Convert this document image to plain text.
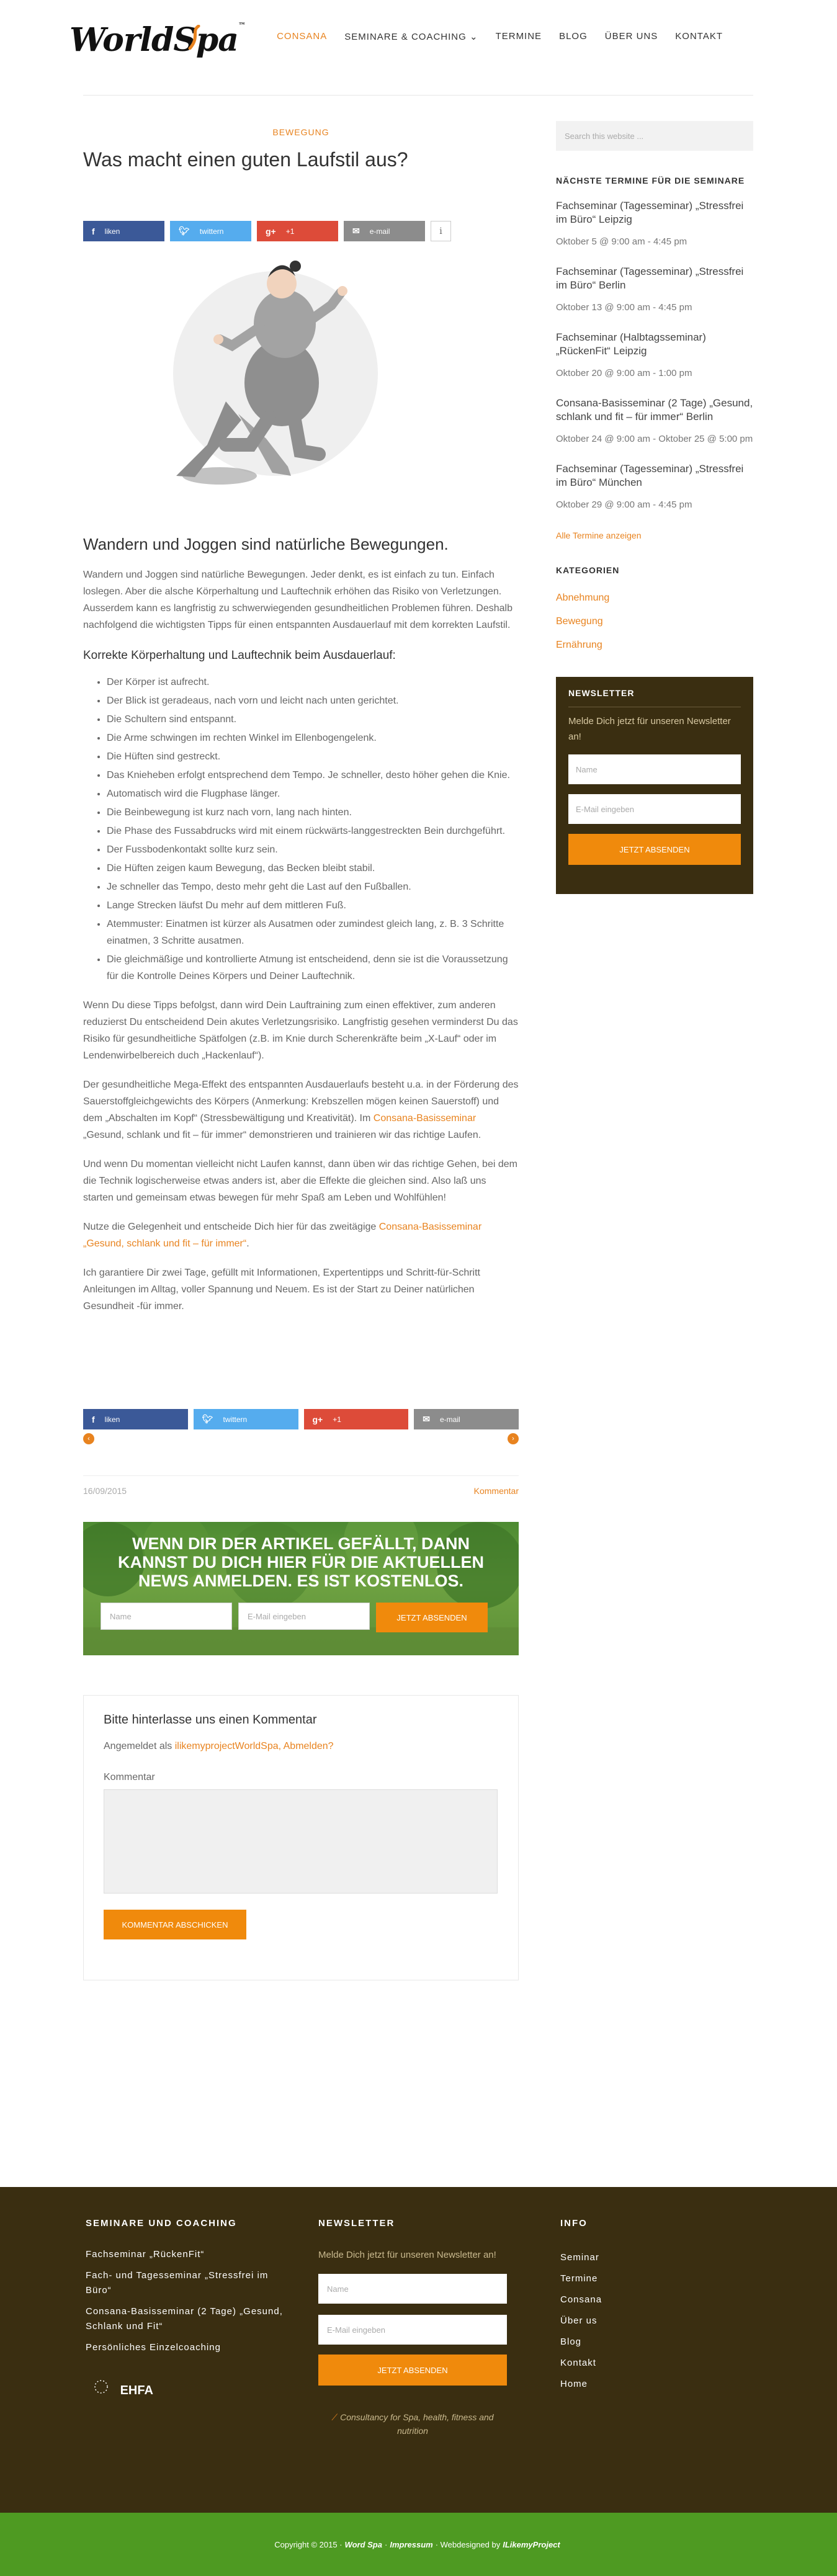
WorldSpa™
CONSANA	SEMINARE & COACHING ⌄	TERMINE	BLOG	ÜBER UNS	KONTAKT
BEWEGUNG
Was macht einen guten Laufstil aus?
f liken	🐦︎ twittern	g+ +1	✉ e-mail	i
Wandern und Joggen sind natürliche Bewegungen.

Wandern und Joggen sind natürliche Bewegungen. Jeder denkt, es ist einfach zu tun. Einfach loslegen. Aber die alsche Körperhaltung und Lauftechnik erhöhen das Risiko von Verletzungen. Ausserdem kann es langfristig zu schwerwiegenden gesundheitlichen Problemen führen. Deshalb nachfolgend die wichtigsten Tipps für einen entspannten Ausdauerlauf mit dem korrekten Laufstil.

Korrekte Körperhaltung und Lauftechnik beim Ausdauerlauf:
• Der Körper ist aufrecht.
• Der Blick ist geradeaus, nach vorn und leicht nach unten gerichtet.
• Die Schultern sind entspannt.
• Die Arme schwingen im rechten Winkel im Ellenbogengelenk.
• Die Hüften sind gestreckt.
• Das Knieheben erfolgt entsprechend dem Tempo. Je schneller, desto höher gehen die Knie.
• Automatisch wird die Flugphase länger.
• Die Beinbewegung ist kurz nach vorn, lang nach hinten.
• Die Phase des Fussabdrucks wird mit einem rückwärts-langgestreckten Bein durchgeführt.
• Der Fussbodenkontakt sollte kurz sein.
• Die Hüften zeigen kaum Bewegung, das Becken bleibt stabil.
• Je schneller das Tempo, desto mehr geht die Last auf den Fußballen.
• Lange Strecken läufst Du mehr auf dem mittleren Fuß.
• Atemmuster: Einatmen ist kürzer als Ausatmen oder zumindest gleich lang, z. B. 3 Schritte einatmen, 3 Schritte ausatmen.
• Die gleichmäßige und kontrollierte Atmung ist entscheidend, denn sie ist die Voraussetzung für die Kontrolle Deines Körpers und Deiner Lauftechnik.

Wenn Du diese Tipps befolgst, dann wird Dein Lauftraining zum einen effektiver, zum anderen reduzierst Du entscheidend Dein akutes Verletzungsrisiko. Langfristig gesehen verminderst Du das Risiko für gesundheitliche Spätfolgen (z.B. im Knie durch Scherenkräfte beim „X-Lauf“ oder im Lendenwirbelbereich duch „Hackenlauf“).

Der gesundheitliche Mega-Effekt des entspannten Ausdauerlaufs besteht u.a. in der Förderung des Sauerstoffgleichgewichts des Körpers (Anmerkung: Krebszellen mögen keinen Sauerstoff) und dem „Abschalten im Kopf“ (Stressbewältigung und Kreativität). Im Consana-Basisseminar „Gesund, schlank und fit – für immer“ demonstrieren und trainieren wir das richtige Laufen.

Und wenn Du momentan vielleicht nicht Laufen kannst, dann üben wir das richtige Gehen, bei dem die Technik logischerweise etwas anders ist, aber die Effekte die gleichen sind. Also laß uns starten und gemeinsam etwas bewegen für mehr Spaß am Leben und Wohlfühlen!

Nutze die Gelegenheit und entscheide Dich hier für das zweitägige Consana-Basisseminar „Gesund, schlank und fit – für immer“.

Ich garantiere Dir zwei Tage, gefüllt mit Informationen, Expertentipps und Schritt-für-Schritt Anleitungen im Alltag, voller Spannung und Neuem. Es ist der Start zu Deiner natürlichen Gesundheit -für immer.

f liken	🐦︎ twittern	g+ +1	✉ e-mail
‹	›
16/09/2015	Kommentar
WENN DIR DER ARTIKEL GEFÄLLT, DANN KANNST DU DICH HIER FÜR DIE AKTUELLEN NEWS ANMELDEN. ES IST KOSTENLOS.
Name	E-Mail eingeben	JETZT ABSENDEN
Bitte hinterlasse uns einen Kommentar
Angemeldet als ilikemyprojectWorldSpa, Abmelden?
Kommentar
KOMMENTAR ABSCHICKEN
Search this website ...
NÄCHSTE TERMINE FÜR DIE SEMINARE
Fachseminar (Tagesseminar) „Stressfrei im Büro“ Leipzig
Oktober 5 @ 9:00 am - 4:45 pm
Fachseminar (Tagesseminar) „Stressfrei im Büro“ Berlin
Oktober 13 @ 9:00 am - 4:45 pm
Fachseminar (Halbtagsseminar) „RückenFit“ Leipzig
Oktober 20 @ 9:00 am - 1:00 pm
Consana-Basisseminar (2 Tage) „Gesund, schlank und fit – für immer“ Berlin
Oktober 24 @ 9:00 am - Oktober 25 @ 5:00 pm
Fachseminar (Tagesseminar) „Stressfrei im Büro“ München
Oktober 29 @ 9:00 am - 4:45 pm
Alle Termine anzeigen
KATEGORIEN
Abnehmung
Bewegung
Ernährung
NEWSLETTER
Melde Dich jetzt für unseren Newsletter an!
Name
E-Mail eingeben
JETZT ABSENDEN
SEMINARE UND COACHING
Fachseminar „RückenFit“
Fach- und Tagesseminar „Stressfrei im Büro“
Consana-Basisseminar (2 Tage) „Gesund, Schlank und Fit“
Persönliches Einzelcoaching
EHFA
NEWSLETTER
Melde Dich jetzt für unseren Newsletter an!
Name
E-Mail eingeben
JETZT ABSENDEN
⟋ Consultancy for Spa, health, fitness and nutrition
INFO
Seminar
Termine
Consana
Über us
Blog
Kontakt
Home
Copyright © 2015 · Word Spa · Impressum · Webdesigned by ILikemyProject
